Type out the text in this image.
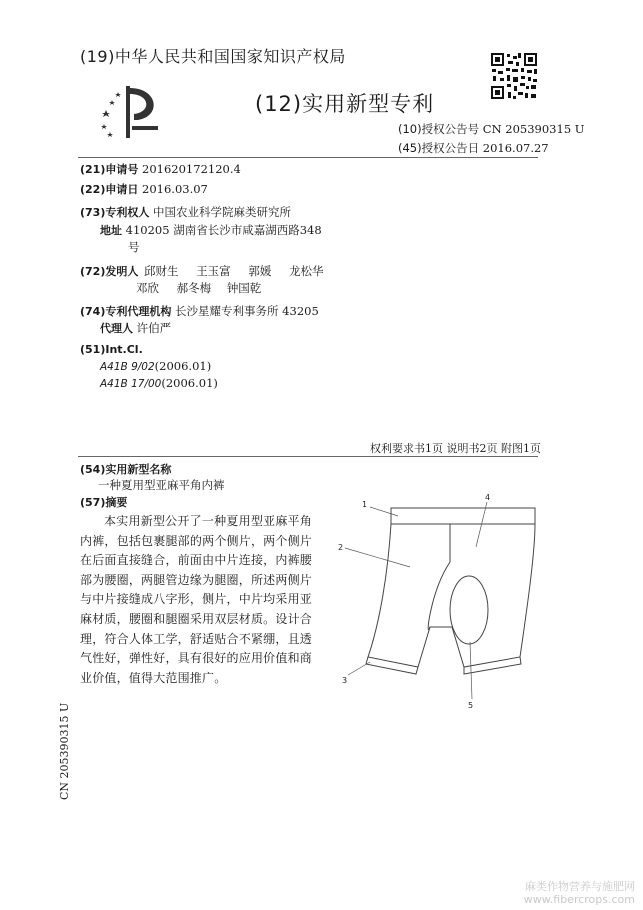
(19)中华人民共和国国家知识产权局
(12)实用新型专利
(10)授权公告号 CN 205390315 U
(45)授权公告日 2016.07.27
(21)申请号 201620172120.4
(22)申请日 2016.03.07
(73)专利权人 中国农业科学院麻类研究所
地址 410205 湖南省长沙市咸嘉湖西路348
号
(72)发明人 邱财生 王玉富 郭媛 龙松华
邓欣 郝冬梅 钟国乾
(74)专利代理机构 长沙星耀专利事务所 43205
代理人 许伯严
(51)Int.Cl.
A41B 9/02(2006.01)
A41B 17/00(2006.01)
权利要求书1页 说明书2页 附图1页
(54)实用新型名称
一种夏用型亚麻平角内裤
(57)摘要
本实用新型公开了一种夏用型亚麻平角内裤，包括包裹腿部的两个侧片，两个侧片在后面直接缝合，前面由中片连接，内裤腰部为腰圈，两腿管边缘为腿圈，所述两侧片与中片接缝成八字形，侧片，中片均采用亚麻材质，腰圈和腿圈采用双层材质。设计合理，符合人体工学，舒适贴合不紧绷，且透气性好，弹性好，具有很好的应用价值和商业价值，值得大范围推广。
1
2
3
4
5
CN 205390315 U
麻类作物营养与施肥网
www.fibercrops.com
